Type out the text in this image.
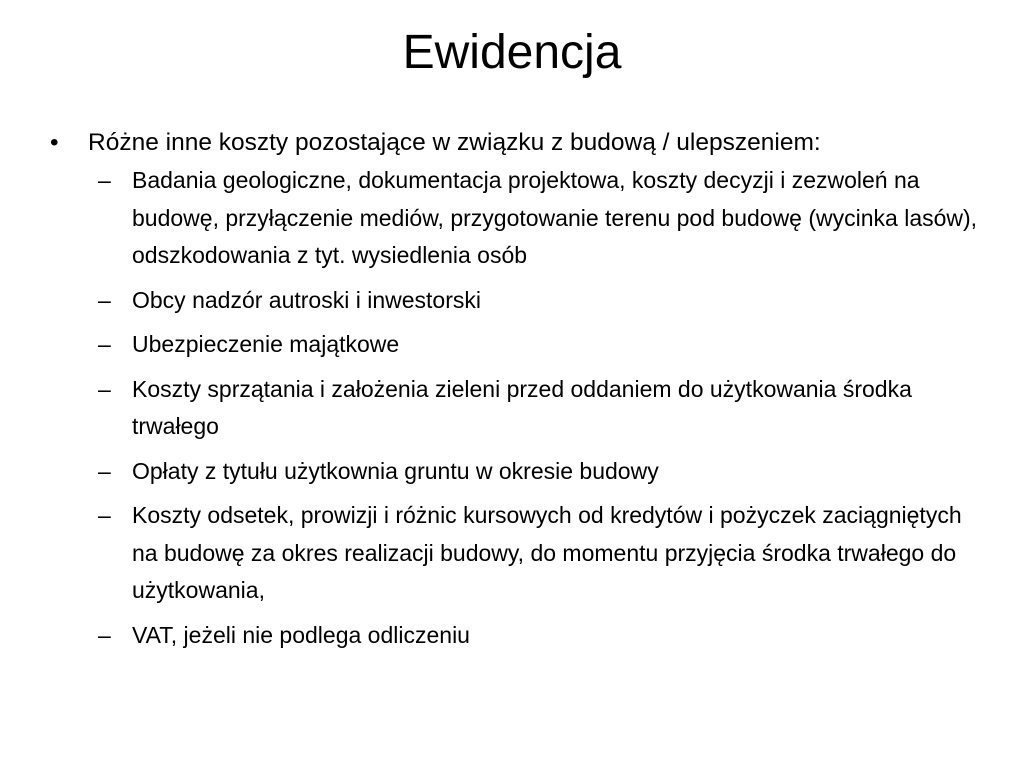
Ewidencja
•	Różne inne koszty pozostające w związku z budową / ulepszeniem:
– Badania geologiczne, dokumentacja projektowa, koszty decyzji i zezwoleń na budowę, przyłączenie mediów, przygotowanie terenu pod budowę (wycinka lasów), odszkodowania z tyt. wysiedlenia osób
– Obcy nadzór autroski i inwestorski
– Ubezpieczenie majątkowe
– Koszty sprzątania i założenia zieleni przed oddaniem do użytkowania środka trwałego
– Opłaty z tytułu użytkownia gruntu w okresie budowy
– Koszty odsetek, prowizji i różnic kursowych od kredytów i pożyczek zaciągniętych na budowę za okres realizacji budowy, do momentu przyjęcia środka trwałego do użytkowania,
– VAT, jeżeli nie podlega odliczeniu
